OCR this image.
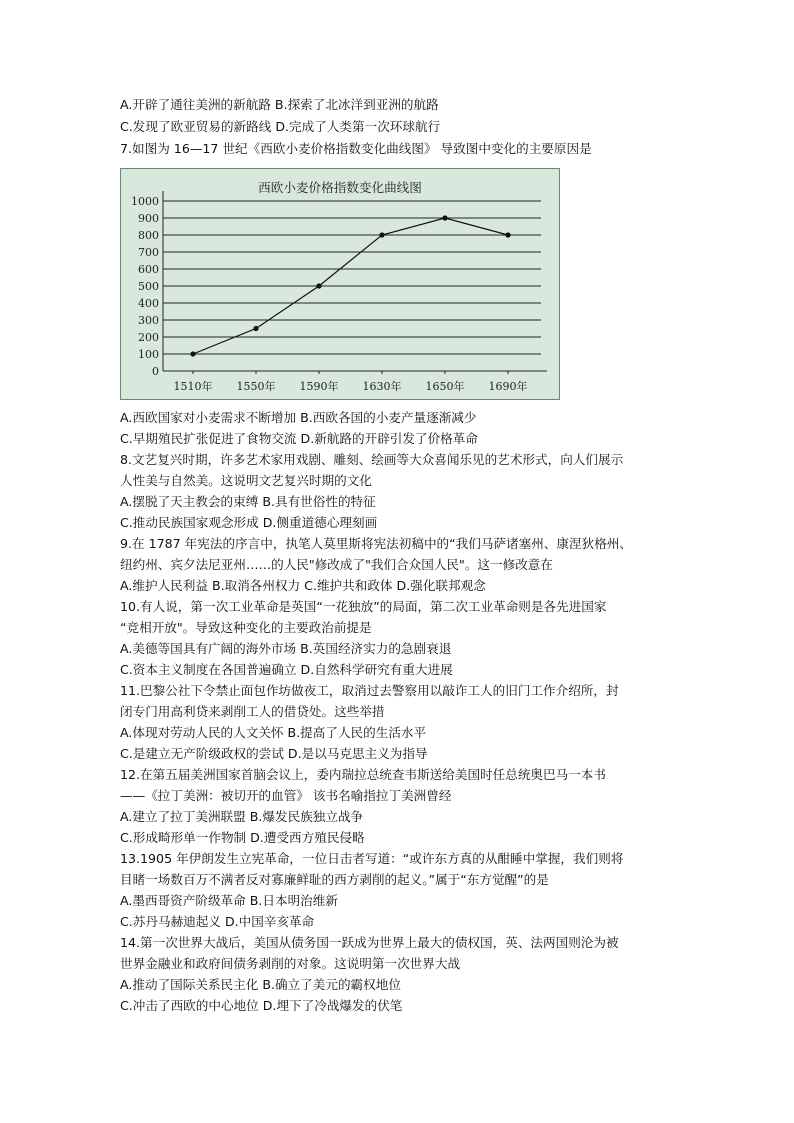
A.开辟了通往美洲的新航路 B.探索了北冰洋到亚洲的航路
C.发现了欧亚贸易的新路线 D.完成了人类第一次环球航行
7.如图为 16—17 世纪《西欧小麦价格指数变化曲线图》 导致图中变化的主要原因是
西欧小麦价格指数变化曲线图
0
100
200
300
400
500
600
700
800
900
1000
1510年 1550年 1590年 1630年 1650年 1690年
A.西欧国家对小麦需求不断增加 B.西欧各国的小麦产量逐渐减少
C.早期殖民扩张促进了食物交流 D.新航路的开辟引发了价格革命
8.文艺复兴时期，许多艺术家用戏剧、雕刻、绘画等大众喜闻乐见的艺术形式，向人们展示
人性美与自然美。这说明文艺复兴时期的文化
A.摆脱了天主教会的束缚 B.具有世俗性的特征
C.推动民族国家观念形成 D.侧重道德心理刻画
9.在 1787 年宪法的序言中，执笔人莫里斯将宪法初稿中的“我们马萨诸塞州、康涅狄格州、
纽约州、宾夕法尼亚州……的人民"修改成了"我们合众国人民"。这一修改意在
A.维护人民利益 B.取消各州权力 C.维护共和政体 D.强化联邦观念
10.有人说，第一次工业革命是英国“一花独放”的局面，第二次工业革命则是各先进国家
“竞相开放"。导致这种变化的主要政治前提是
A.美德等国具有广阔的海外市场 B.英国经济实力的急剧衰退
C.资本主义制度在各国普遍确立 D.自然科学研究有重大进展
11.巴黎公社下令禁止面包作坊做夜工，取消过去警察用以敲诈工人的旧门工作介绍所，封
闭专门用高利贷来剥削工人的借贷处。这些举措
A.体现对劳动人民的人文关怀 B.提高了人民的生活水平
C.是建立无产阶级政权的尝试 D.是以马克思主义为指导
12.在第五届美洲国家首脑会议上，委内瑞拉总统查韦斯送给美国时任总统奥巴马一本书
——《拉丁美洲：被切开的血管》 该书名喻指拉丁美洲曾经
A.建立了拉丁美洲联盟 B.爆发民族独立战争
C.形成畸形单一作物制 D.遭受西方殖民侵略
13.1905 年伊朗发生立宪革命，一位日击者写道：“或许东方真的从酣睡中掌握，我们则将
目睹一场数百万不满者反对寡廉鲜耻的西方剥削的起义。”属于“东方觉醒”的是
A.墨西哥资产阶级革命 B.日本明治维新
C.苏丹马赫迪起义 D.中国辛亥革命
14.第一次世界大战后，美国从债务国一跃成为世界上最大的债权国，英、法两国则沦为被
世界金融业和政府间债务剥削的对象。这说明第一次世界大战
A.推动了国际关系民主化 B.确立了美元的霸权地位
C.冲击了西欧的中心地位 D.埋下了冷战爆发的伏笔
